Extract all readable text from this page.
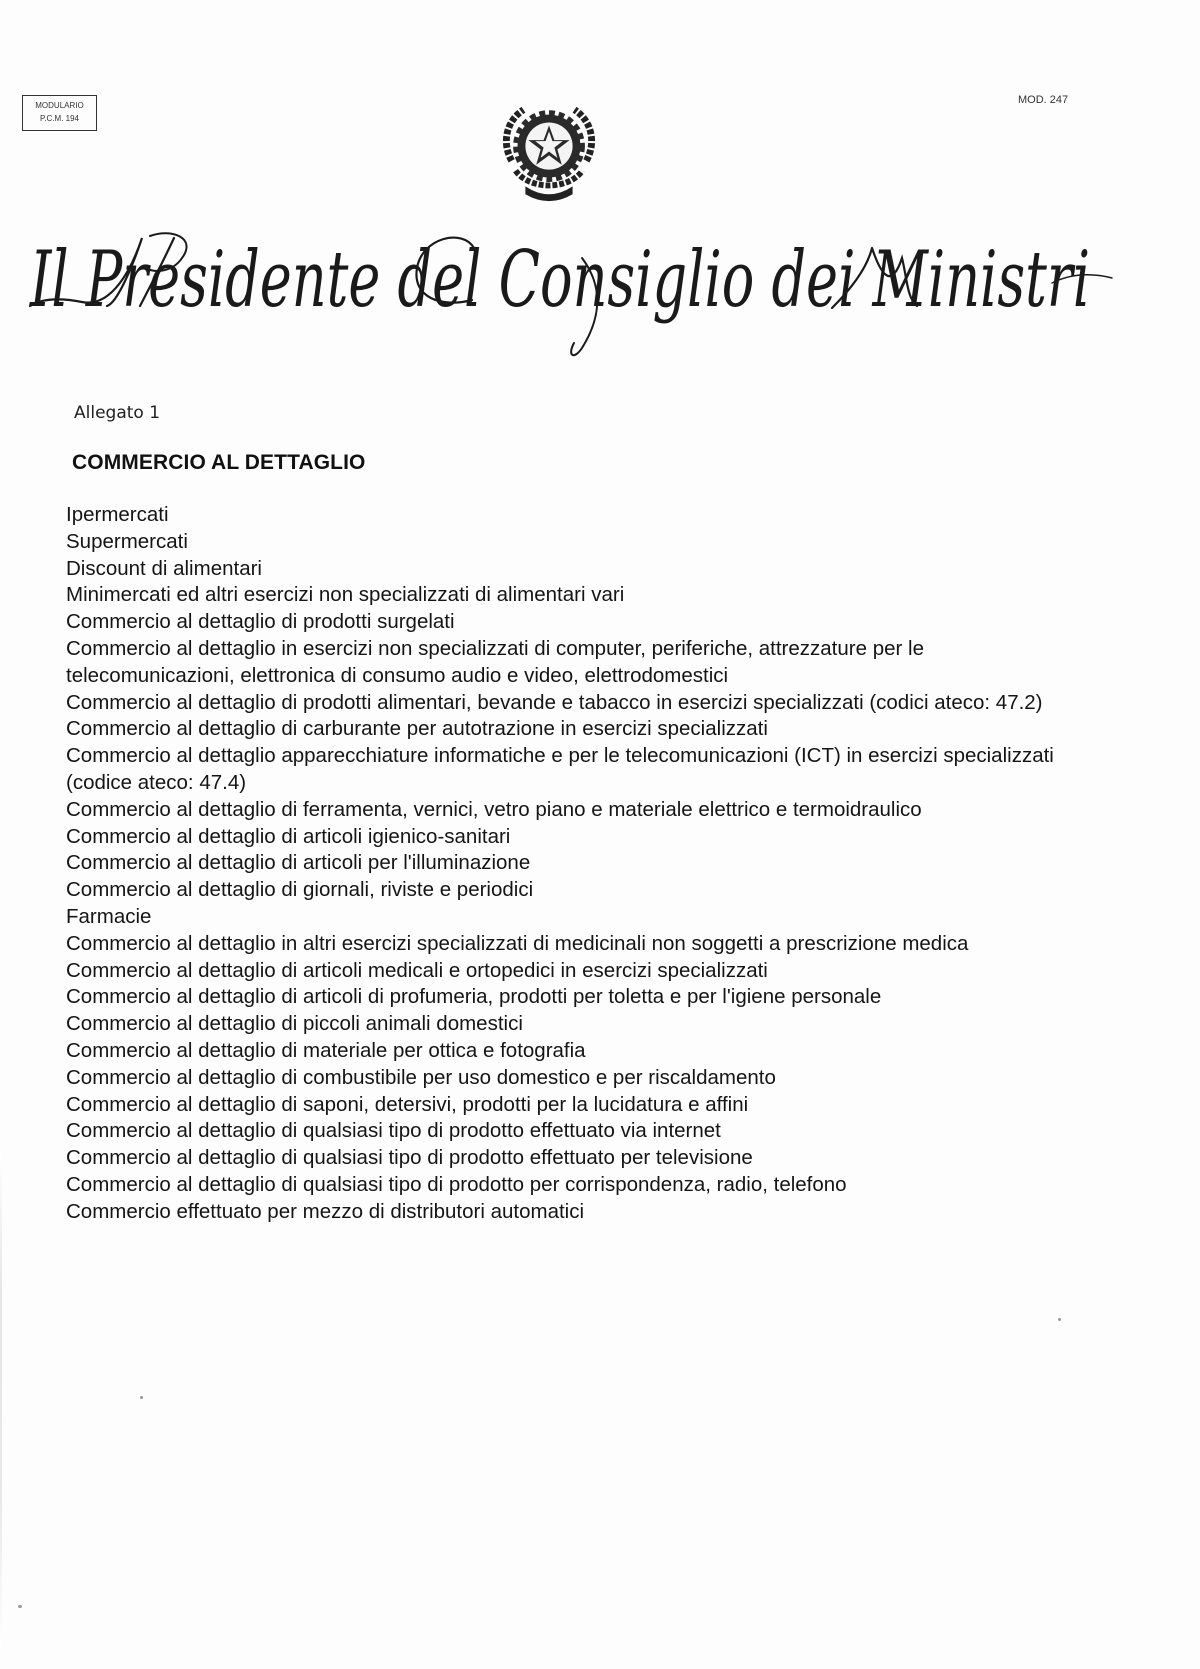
MODULARIO
P.C.M. 194
MOD. 247
Il Presidente del Consiglio dei Ministri
Allegato 1
COMMERCIO AL DETTAGLIO
Ipermercati
Supermercati
Discount di alimentari
Minimercati ed altri esercizi non specializzati di alimentari vari
Commercio al dettaglio di prodotti surgelati
Commercio al dettaglio in esercizi non specializzati di computer, periferiche, attrezzature per le telecomunicazioni, elettronica di consumo audio e video, elettrodomestici
Commercio al dettaglio di prodotti alimentari, bevande e tabacco in esercizi specializzati (codici ateco: 47.2)
Commercio al dettaglio di carburante per autotrazione in esercizi specializzati
Commercio al dettaglio apparecchiature informatiche e per le telecomunicazioni (ICT) in esercizi specializzati (codice ateco: 47.4)
Commercio al dettaglio di ferramenta, vernici, vetro piano e materiale elettrico e termoidraulico
Commercio al dettaglio di articoli igienico-sanitari
Commercio al dettaglio di articoli per l'illuminazione
Commercio al dettaglio di giornali, riviste e periodici
Farmacie
Commercio al dettaglio in altri esercizi specializzati di medicinali non soggetti a prescrizione medica
Commercio al dettaglio di articoli medicali e ortopedici in esercizi specializzati
Commercio al dettaglio di articoli di profumeria, prodotti per toletta e per l'igiene personale
Commercio al dettaglio di piccoli animali domestici
Commercio al dettaglio di materiale per ottica e fotografia
Commercio al dettaglio di combustibile per uso domestico e per riscaldamento
Commercio al dettaglio di saponi, detersivi, prodotti per la lucidatura e affini
Commercio al dettaglio di qualsiasi tipo di prodotto effettuato via internet
Commercio al dettaglio di qualsiasi tipo di prodotto effettuato per televisione
Commercio al dettaglio di qualsiasi tipo di prodotto per corrispondenza, radio, telefono
Commercio effettuato per mezzo di distributori automatici
